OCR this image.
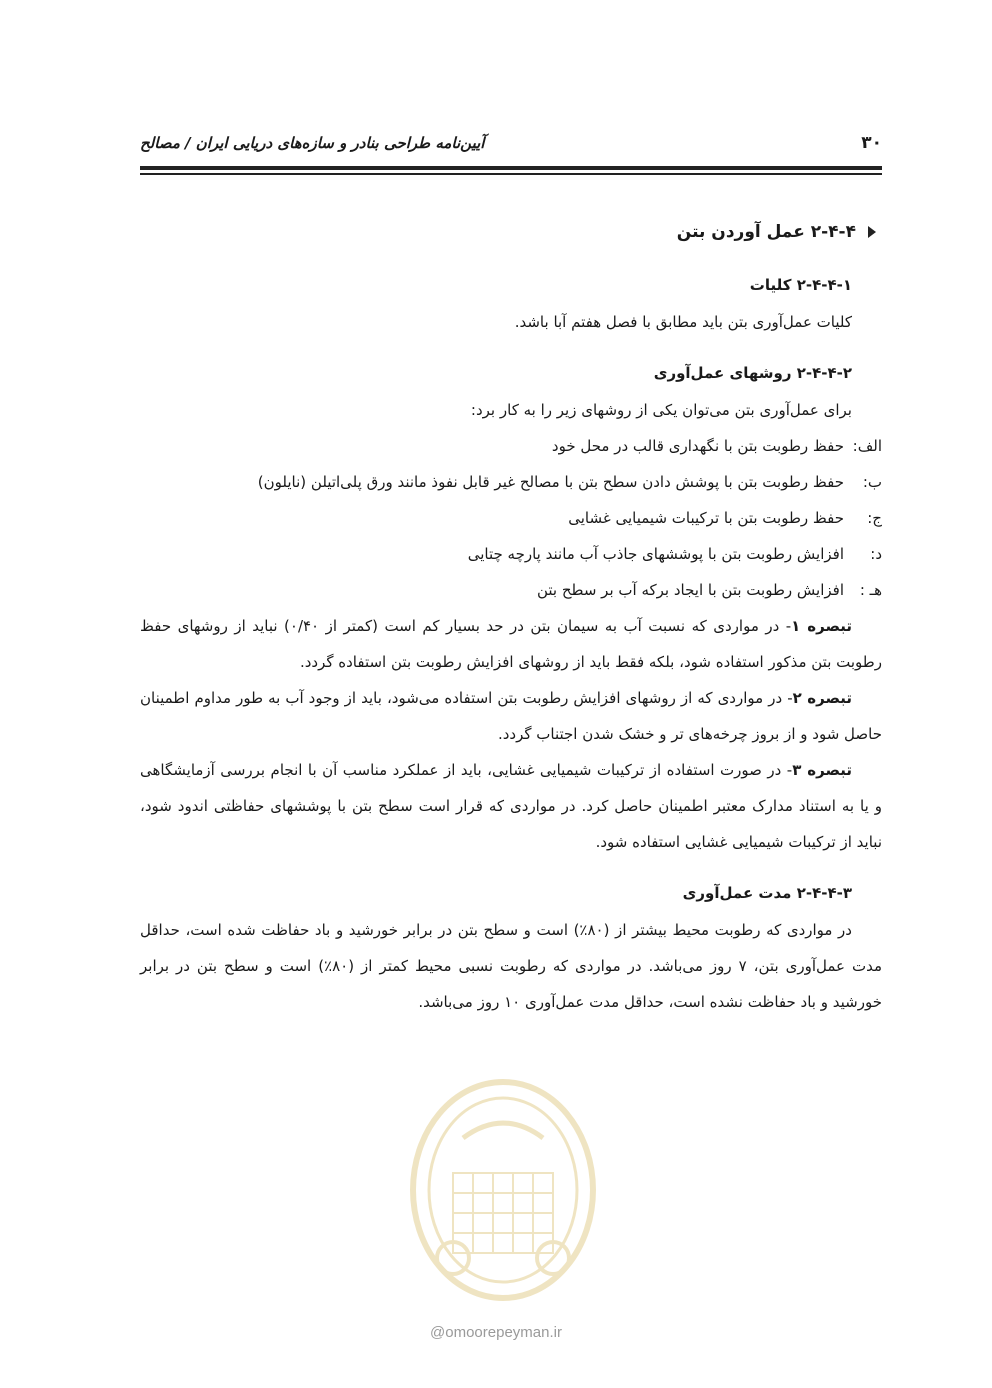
۳۰
آیین‌نامه طراحی بنادر و سازه‌های دریایی ایران / مصالح
۲-۴-۴ عمل آوردن بتن

۲-۴-۴-۱ کلیات

کلیات عمل‌آوری بتن باید مطابق با فصل هفتم آبا باشد.

۲-۴-۴-۲ روشهای عمل‌آوری

برای عمل‌آوری بتن می‌توان یکی از روشهای زیر را به کار برد:

الف:
حفظ رطوبت بتن با نگهداری قالب در محل خود
ب:
حفظ رطوبت بتن با پوشش دادن سطح بتن با مصالح غیر قابل نفوذ مانند ورق پلی‌اتیلن (نایلون)
ج:
حفظ رطوبت بتن با ترکیبات شیمیایی غشایی
د:
افزایش رطوبت بتن با پوششهای جاذب آب مانند پارچه چتایی
هـ :
افزایش رطوبت بتن با ایجاد برکه آب بر سطح بتن

تبصره ۱- در مواردی که نسبت آب به سیمان بتن در حد بسیار کم است (کمتر از ۰/۴۰) نباید از روشهای حفظ رطوبت بتن مذکور استفاده شود، بلکه فقط باید از روشهای افزایش رطوبت بتن استفاده گردد.

تبصره ۲- در مواردی که از روشهای افزایش رطوبت بتن استفاده می‌شود، باید از وجود آب به طور مداوم اطمینان حاصل شود و از بروز چرخه‌های تر و خشک شدن اجتناب گردد.

تبصره ۳- در صورت استفاده از ترکیبات شیمیایی غشایی، باید از عملکرد مناسب آن با انجام بررسی آزمایشگاهی و یا به استناد مدارک معتبر اطمینان حاصل کرد. در مواردی که قرار است سطح بتن با پوششهای حفاظتی اندود شود، نباید از ترکیبات شیمیایی غشایی استفاده شود.

۲-۴-۴-۳ مدت عمل‌آوری

در مواردی که رطوبت محیط بیشتر از (۸۰٪) است و سطح بتن در برابر خورشید و باد حفاظت شده است، حداقل مدت عمل‌آوری بتن، ۷ روز می‌باشد. در مواردی که رطوبت نسبی محیط کمتر از (۸۰٪) است و سطح بتن در برابر خورشید و باد حفاظت نشده است، حداقل مدت عمل‌آوری ۱۰ روز می‌باشد.

@omoorepeyman.ir
